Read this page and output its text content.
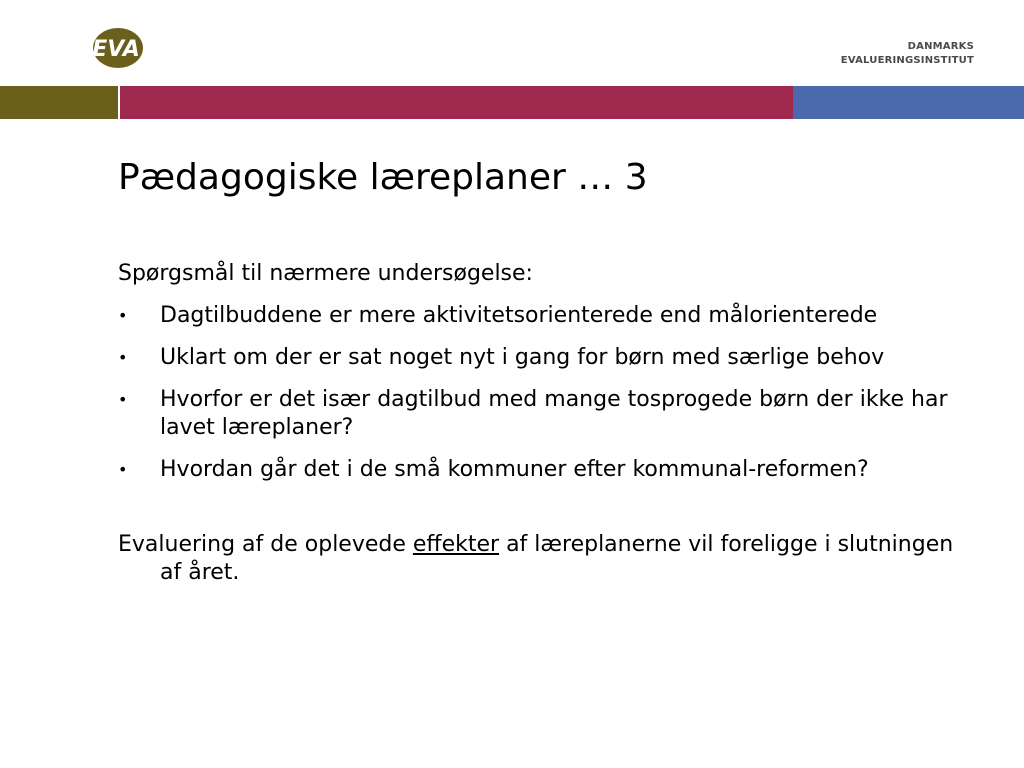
EVA	DANMARKS
EVALUERINGSINSTITUT
Pædagogiske læreplaner … 3

Spørgsmål til nærmere undersøgelse:

• Dagtilbuddene er mere aktivitetsorienterede end målorienterede
• Uklart om der er sat noget nyt i gang for børn med særlige behov
• Hvorfor er det især dagtilbud med mange tosprogede børn der ikke har lavet læreplaner?
• Hvordan går det i de små kommuner efter kommunal-reformen?

Evaluering af de oplevede effekter af læreplanerne vil foreligge i slutningen af året.
